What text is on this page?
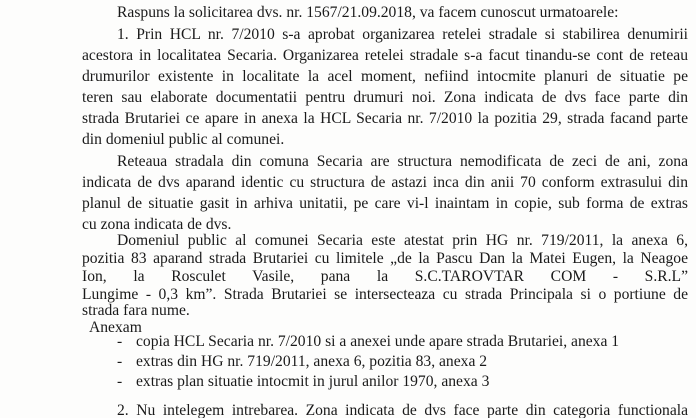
Raspuns la solicitarea dvs. nr. 1567/21.09.2018, va facem cunoscut urmatoarele:
1. Prin HCL nr. 7/2010 s-a aprobat organizarea retelei stradale si stabilirea denumirii
acestora in localitatea Secaria. Organizarea retelei stradale s-a facut tinandu-se cont de reteau
drumurilor existente in localitate la acel moment, nefiind intocmite planuri de situatie pe
teren sau elaborate documentatii pentru drumuri noi. Zona indicata de dvs face parte din
strada Brutariei ce apare in anexa la HCL Secaria nr. 7/2010 la pozitia 29, strada facand parte
din domeniul public al comunei.
Reteaua stradala din comuna Secaria are structura nemodificata de zeci de ani, zona
indicata de dvs aparand identic cu structura de astazi inca din anii 70 conform extrasului din
planul de situatie gasit in arhiva unitatii, pe care vi-l inaintam in copie, sub forma de extras
cu zona indicata de dvs.
Domeniul public al comunei Secaria este atestat prin HG nr. 719/2011, la anexa 6,
pozitia 83 aparand strada Brutariei cu limitele „de la Pascu Dan la Matei Eugen, la Neagoe
Ion, la Rosculet Vasile, pana la S.C.TAROVTAR COM - S.R.L”
Lungime - 0,3 km”. Strada Brutariei se intersecteaza cu strada Principala si o portiune de
strada fara nume.
Anexam
- copia HCL Secaria nr. 7/2010 si a anexei unde apare strada Brutariei, anexa 1
- extras din HG nr. 719/2011, anexa 6, pozitia 83, anexa 2
- extras plan situatie intocmit in jurul anilor 1970, anexa 3
2. Nu intelegem intrebarea. Zona indicata de dvs face parte din categoria functionala
